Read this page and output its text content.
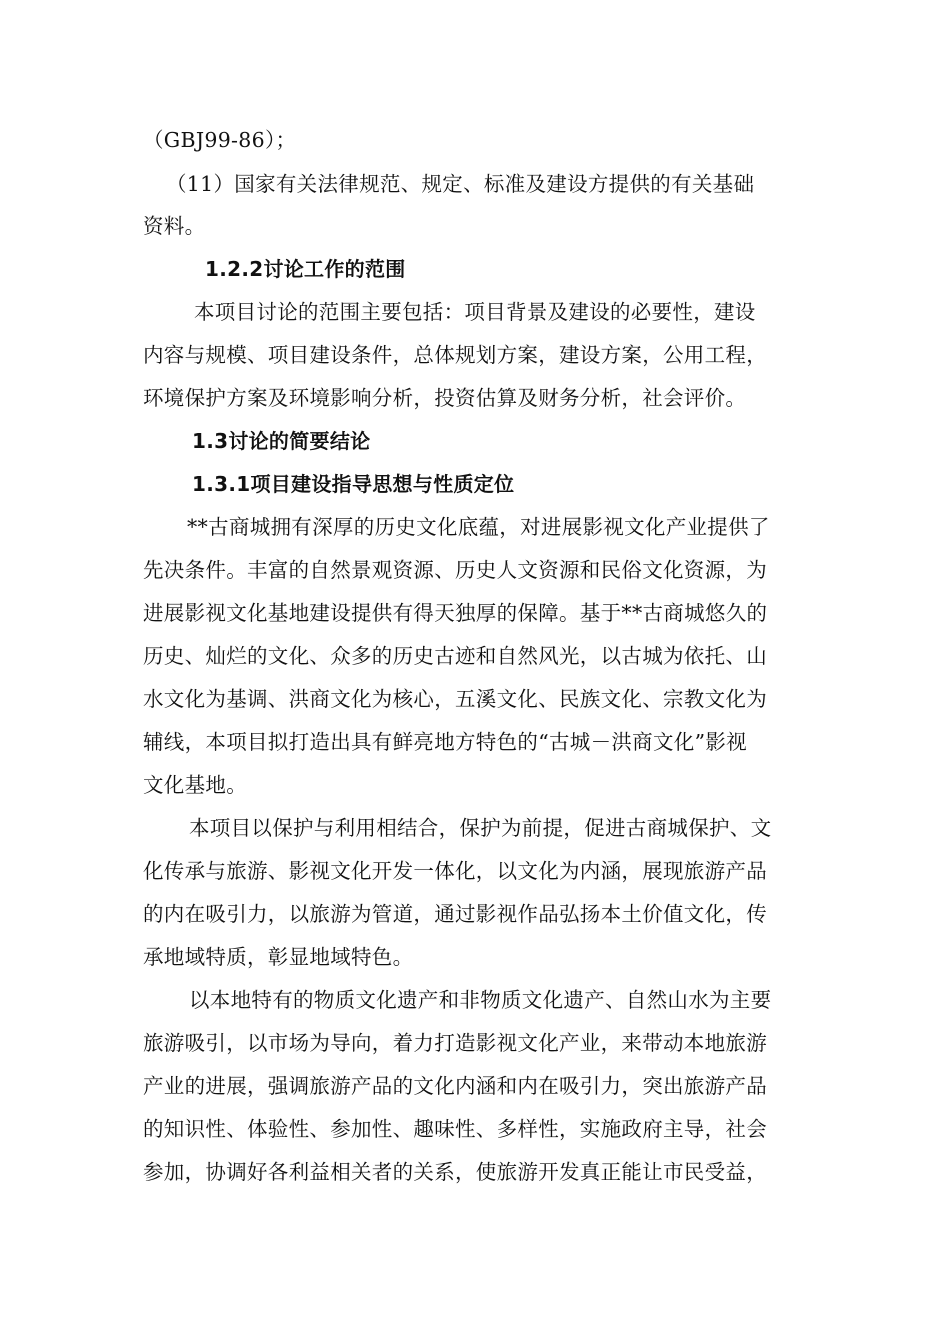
（GBJ99-86）；
（11）国家有关法律规范、规定、标准及建设方提供的有关基础
资料。
1.2.2讨论工作的范围
本项目讨论的范围主要包括：项目背景及建设的必要性，建设
内容与规模、项目建设条件，总体规划方案，建设方案，公用工程，
环境保护方案及环境影响分析，投资估算及财务分析，社会评价。
1.3讨论的简要结论
1.3.1项目建设指导思想与性质定位
**古商城拥有深厚的历史文化底蕴，对进展影视文化产业提供了
先决条件。丰富的自然景观资源、历史人文资源和民俗文化资源，为
进展影视文化基地建设提供有得天独厚的保障。基于**古商城悠久的
历史、灿烂的文化、众多的历史古迹和自然风光，以古城为依托、山
水文化为基调、洪商文化为核心，五溪文化、民族文化、宗教文化为
辅线，本项目拟打造出具有鲜亮地方特色的“古城－洪商文化”影视
文化基地。
本项目以保护与利用相结合，保护为前提，促进古商城保护、文
化传承与旅游、影视文化开发一体化，以文化为内涵，展现旅游产品
的内在吸引力，以旅游为管道，通过影视作品弘扬本土价值文化，传
承地域特质，彰显地域特色。
以本地特有的物质文化遗产和非物质文化遗产、自然山水为主要
旅游吸引，以市场为导向，着力打造影视文化产业，来带动本地旅游
产业的进展，强调旅游产品的文化内涵和内在吸引力，突出旅游产品
的知识性、体验性、参加性、趣味性、多样性，实施政府主导，社会
参加，协调好各利益相关者的关系，使旅游开发真正能让市民受益，
